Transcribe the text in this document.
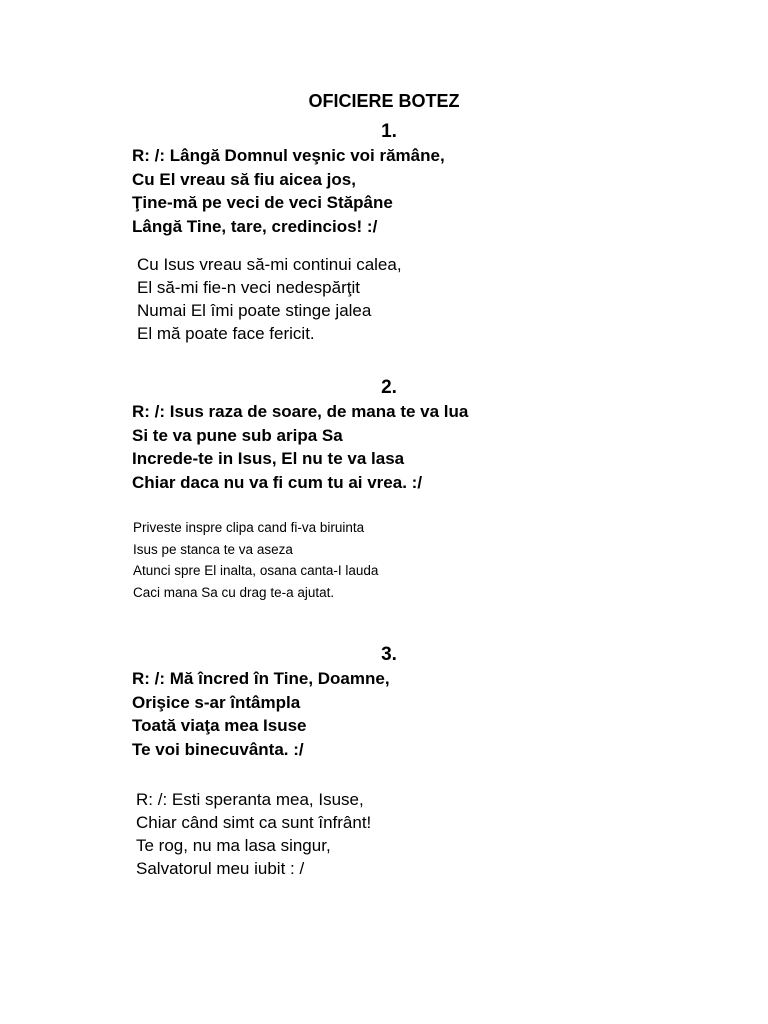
OFICIERE BOTEZ
1.
R: /: Lângă Domnul veşnic voi rămâne,
Cu El vreau să fiu aicea jos,
Ţine-mă pe veci de veci Stăpâne
Lângă Tine, tare, credincios! :/
Cu Isus vreau să-mi continui calea,
El să-mi fie-n veci nedespărţit
Numai El îmi poate stinge jalea
El mă poate face fericit.
2.
R: /: Isus raza de soare, de mana te va lua
Si te va pune sub aripa Sa
Increde-te in Isus, El nu te va lasa
Chiar daca nu va fi cum tu ai vrea. :/
Priveste inspre clipa cand fi-va biruinta
Isus pe stanca te va aseza
Atunci spre El inalta, osana canta-I lauda
Caci mana Sa cu drag te-a ajutat.
3.
R: /: Mă încred în Tine, Doamne,
Orişice s-ar întâmpla
Toată viaţa mea Isuse
Te voi binecuvânta. :/
R: /: Esti speranta mea, Isuse,
Chiar când simt ca sunt înfrânt!
Te rog, nu ma lasa singur,
Salvatorul meu iubit : /
